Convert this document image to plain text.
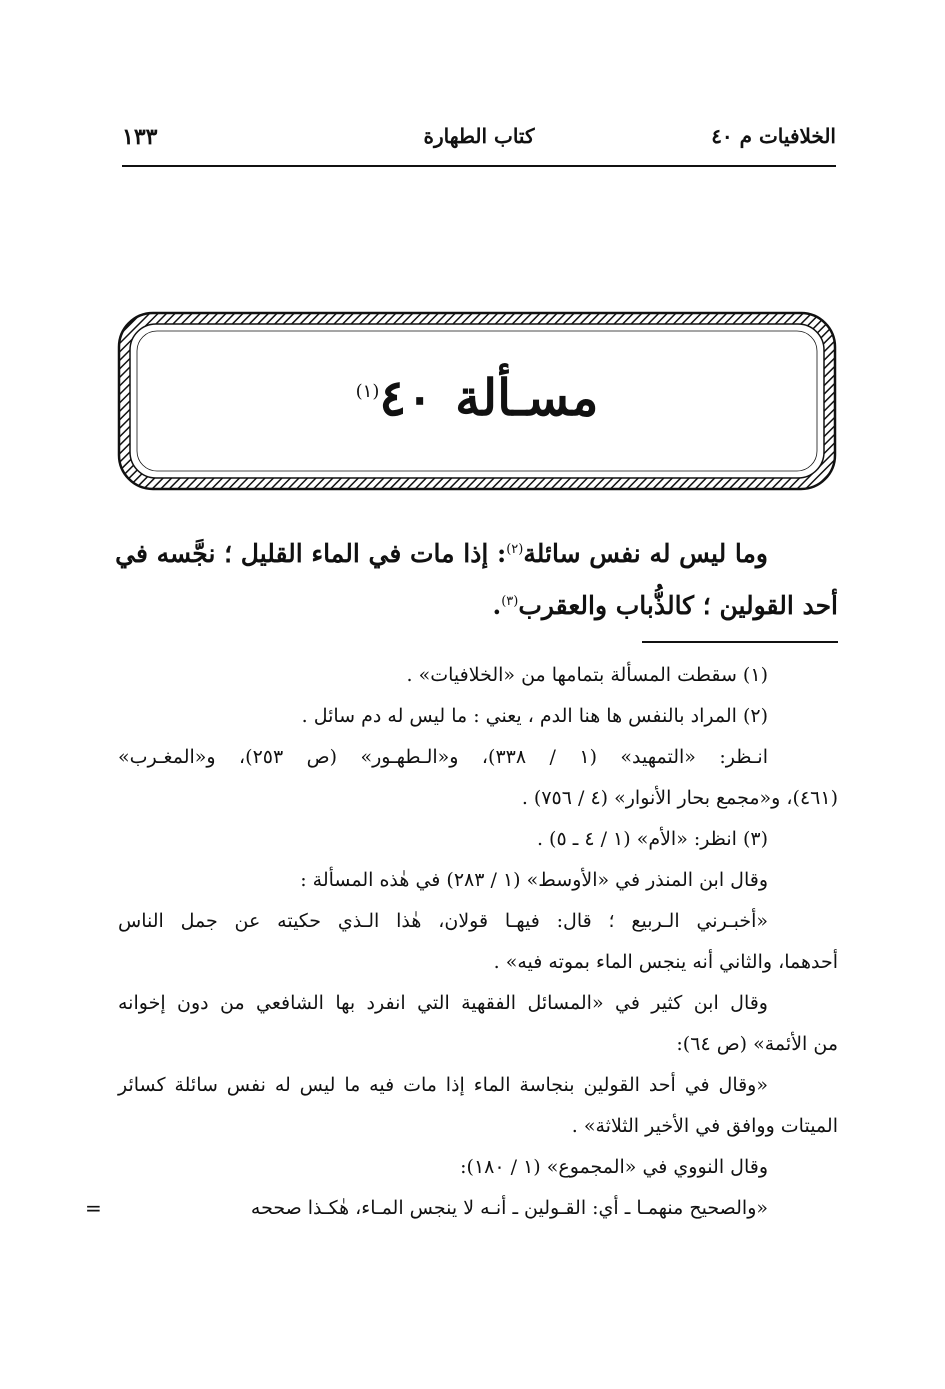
الخلافيات م ٤٠
كتاب الطهارة
١٣٣
مسـألة٤٠$^{(١)}$
وما ليس له نفس سائلة$^{(٢)}$: إذا مات في الماء القليل ؛ نجَّسه في
أحد القولين ؛ كالذُّباب والعقرب$^{(٣)}$.
(١) سقطت المسألة بتمامها من «الخلافيات» .
(٢) المراد بالنفس ها هنا الدم ، يعني : ما ليس له دم سائل .
انـظر: «التمهيد» (١ / ٣٣٨)، و«الـطهـور» (ص ٢٥٣)، و«المغـرب»
(٤٦١)، و«مجمع بحار الأنوار» (٤ / ٧٥٦) .
(٣) انظر: «الأم» (١ / ٤ ـ ٥) .
وقال ابن المنذر في «الأوسط» (١ / ٢٨٣) في هٰذه المسألة :
«أخبـرني الـربيع ؛ قال: فيهـا قولان، هٰذا الـذي حكيته عن جمل الناس
أحدهما، والثاني أنه ينجس الماء بموته فيه» .
وقال ابن كثير في «المسائل الفقهية التي انفرد بها الشافعي من دون إخوانه
من الأئمة» (ص ٦٤):
«وقال في أحد القولين بنجاسة الماء إذا مات فيه ما ليس له نفس سائلة كسائر
الميتات ووافق في الأخير الثلاثة» .
وقال النووي في «المجموع» (١ / ١٨٠):
«والصحيح منهمـا ـ أي: القـولين ـ أنـه لا ينجس المـاء، هٰكـذا صححه
=
